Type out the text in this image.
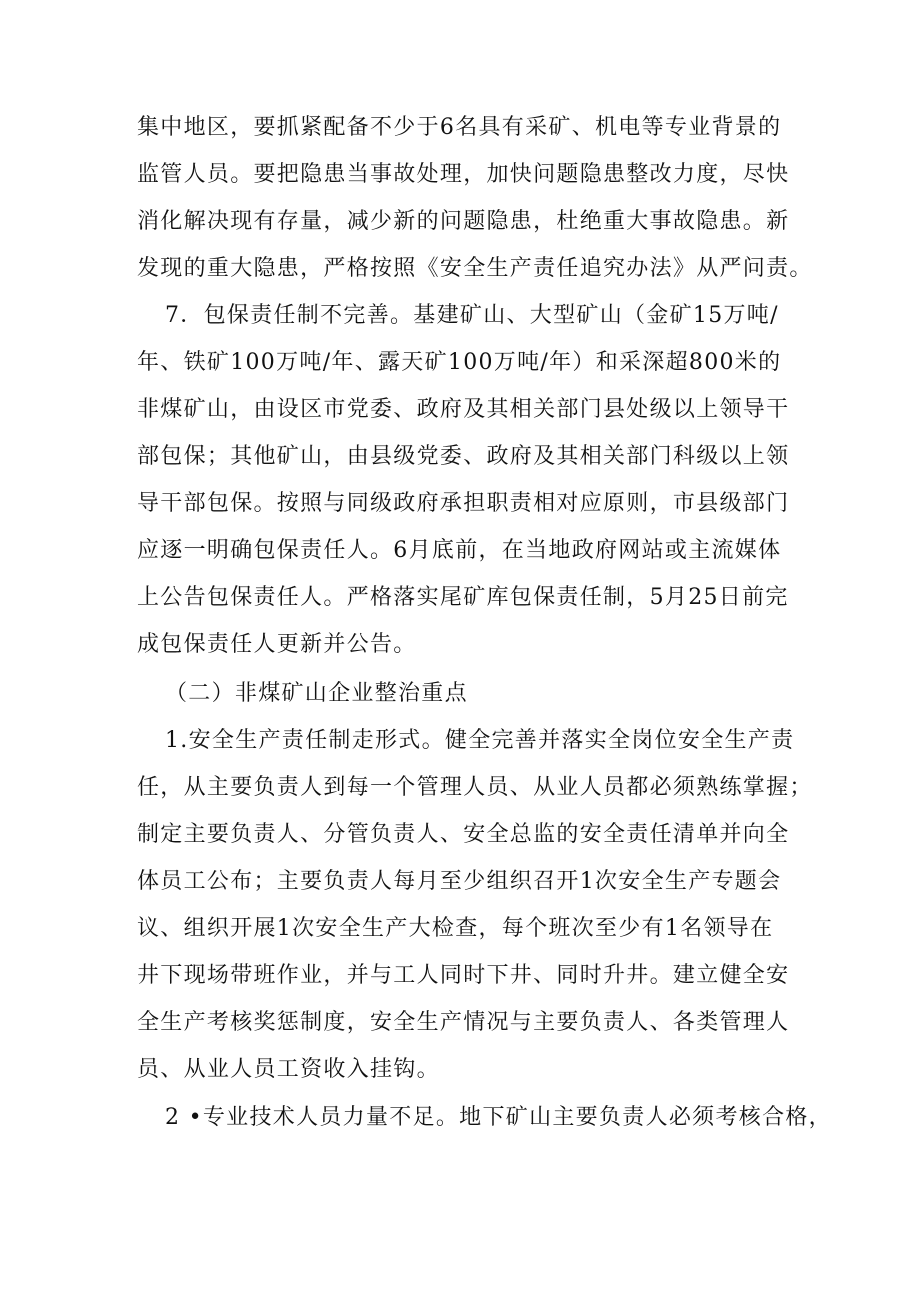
集中地区，要抓紧配备不少于6名具有采矿、机电等专业背景的
监管人员。要把隐患当事故处理，加快问题隐患整改力度，尽快
消化解决现有存量，减少新的问题隐患，杜绝重大事故隐患。新
发现的重大隐患，严格按照《安全生产责任追究办法》从严问责。
7．包保责任制不完善。基建矿山、大型矿山（金矿15万吨/
年、铁矿100万吨/年、露天矿100万吨/年）和采深超800米的
非煤矿山，由设区市党委、政府及其相关部门县处级以上领导干
部包保；其他矿山，由县级党委、政府及其相关部门科级以上领
导干部包保。按照与同级政府承担职责相对应原则，市县级部门
应逐一明确包保责任人。6月底前，在当地政府网站或主流媒体
上公告包保责任人。严格落实尾矿库包保责任制，5月25日前完
成包保责任人更新并公告。
（二）非煤矿山企业整治重点
1.安全生产责任制走形式。健全完善并落实全岗位安全生产责
任，从主要负责人到每一个管理人员、从业人员都必须熟练掌握；
制定主要负责人、分管负责人、安全总监的安全责任清单并向全
体员工公布；主要负责人每月至少组织召开1次安全生产专题会
议、组织开展1次安全生产大检查，每个班次至少有1名领导在
井下现场带班作业，并与工人同时下井、同时升井。建立健全安
全生产考核奖惩制度，安全生产情况与主要负责人、各类管理人
员、从业人员工资收入挂钩。
2 •专业技术人员力量不足。地下矿山主要负责人必须考核合格，
